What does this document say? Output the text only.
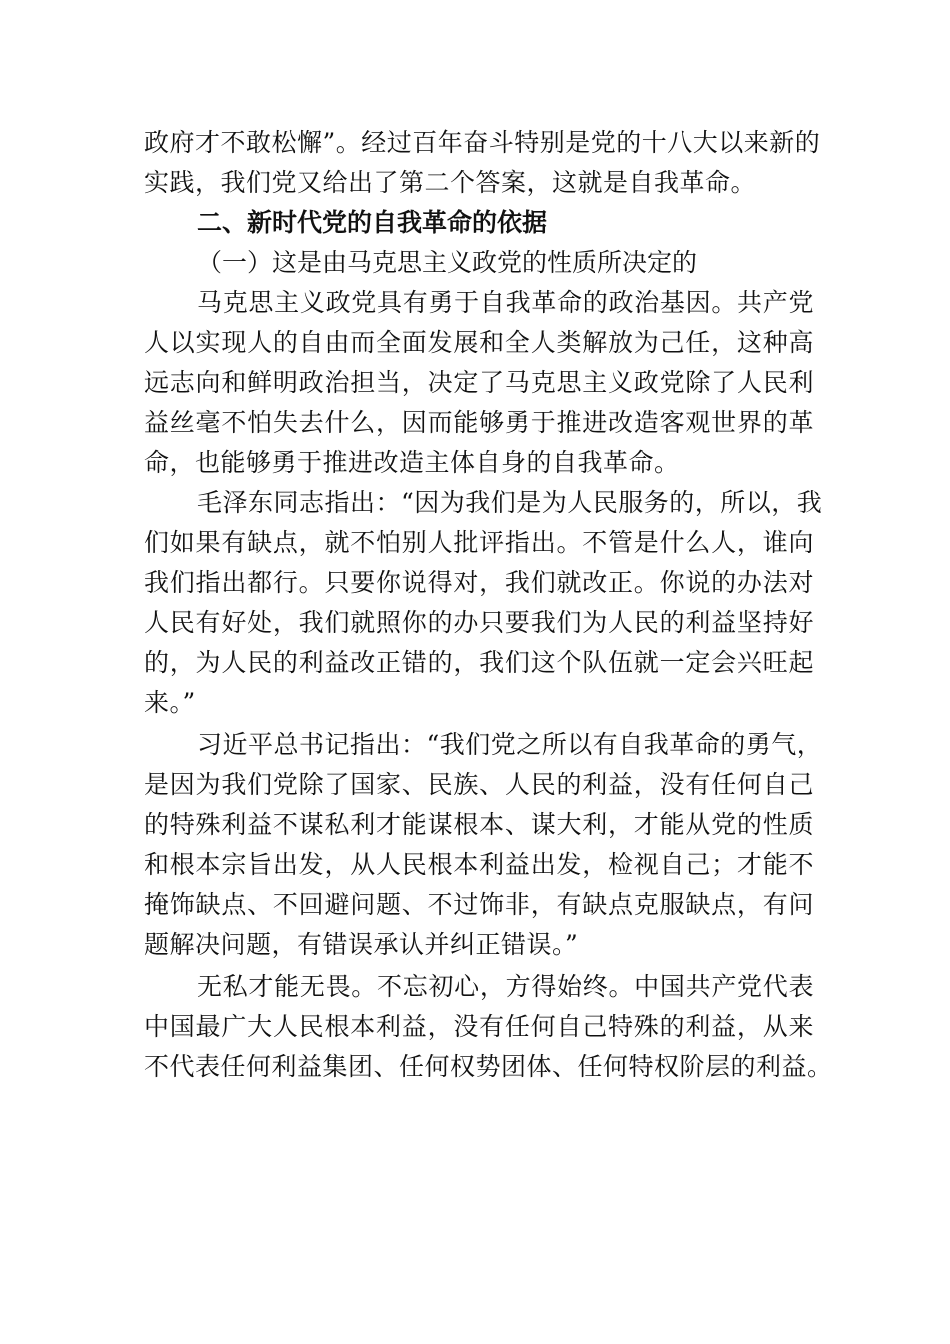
政府才不敢松懈”。经过百年奋斗特别是党的十八大以来新的
实践，我们党又给出了第二个答案，这就是自我革命。
二、新时代党的自我革命的依据
（一）这是由马克思主义政党的性质所决定的
马克思主义政党具有勇于自我革命的政治基因。共产党
人以实现人的自由而全面发展和全人类解放为己任，这种高
远志向和鲜明政治担当，决定了马克思主义政党除了人民利
益丝毫不怕失去什么，因而能够勇于推进改造客观世界的革
命，也能够勇于推进改造主体自身的自我革命。
毛泽东同志指出：“因为我们是为人民服务的，所以，我
们如果有缺点，就不怕别人批评指出。不管是什么人，谁向
我们指出都行。只要你说得对，我们就改正。你说的办法对
人民有好处，我们就照你的办只要我们为人民的利益坚持好
的，为人民的利益改正错的，我们这个队伍就一定会兴旺起
来。”
习近平总书记指出：“我们党之所以有自我革命的勇气，
是因为我们党除了国家、民族、人民的利益，没有任何自己
的特殊利益不谋私利才能谋根本、谋大利，才能从党的性质
和根本宗旨出发，从人民根本利益出发，检视自己；才能不
掩饰缺点、不回避问题、不过饰非，有缺点克服缺点，有问
题解决问题，有错误承认并纠正错误。”
无私才能无畏。不忘初心，方得始终。中国共产党代表
中国最广大人民根本利益，没有任何自己特殊的利益，从来
不代表任何利益集团、任何权势团体、任何特权阶层的利益。
